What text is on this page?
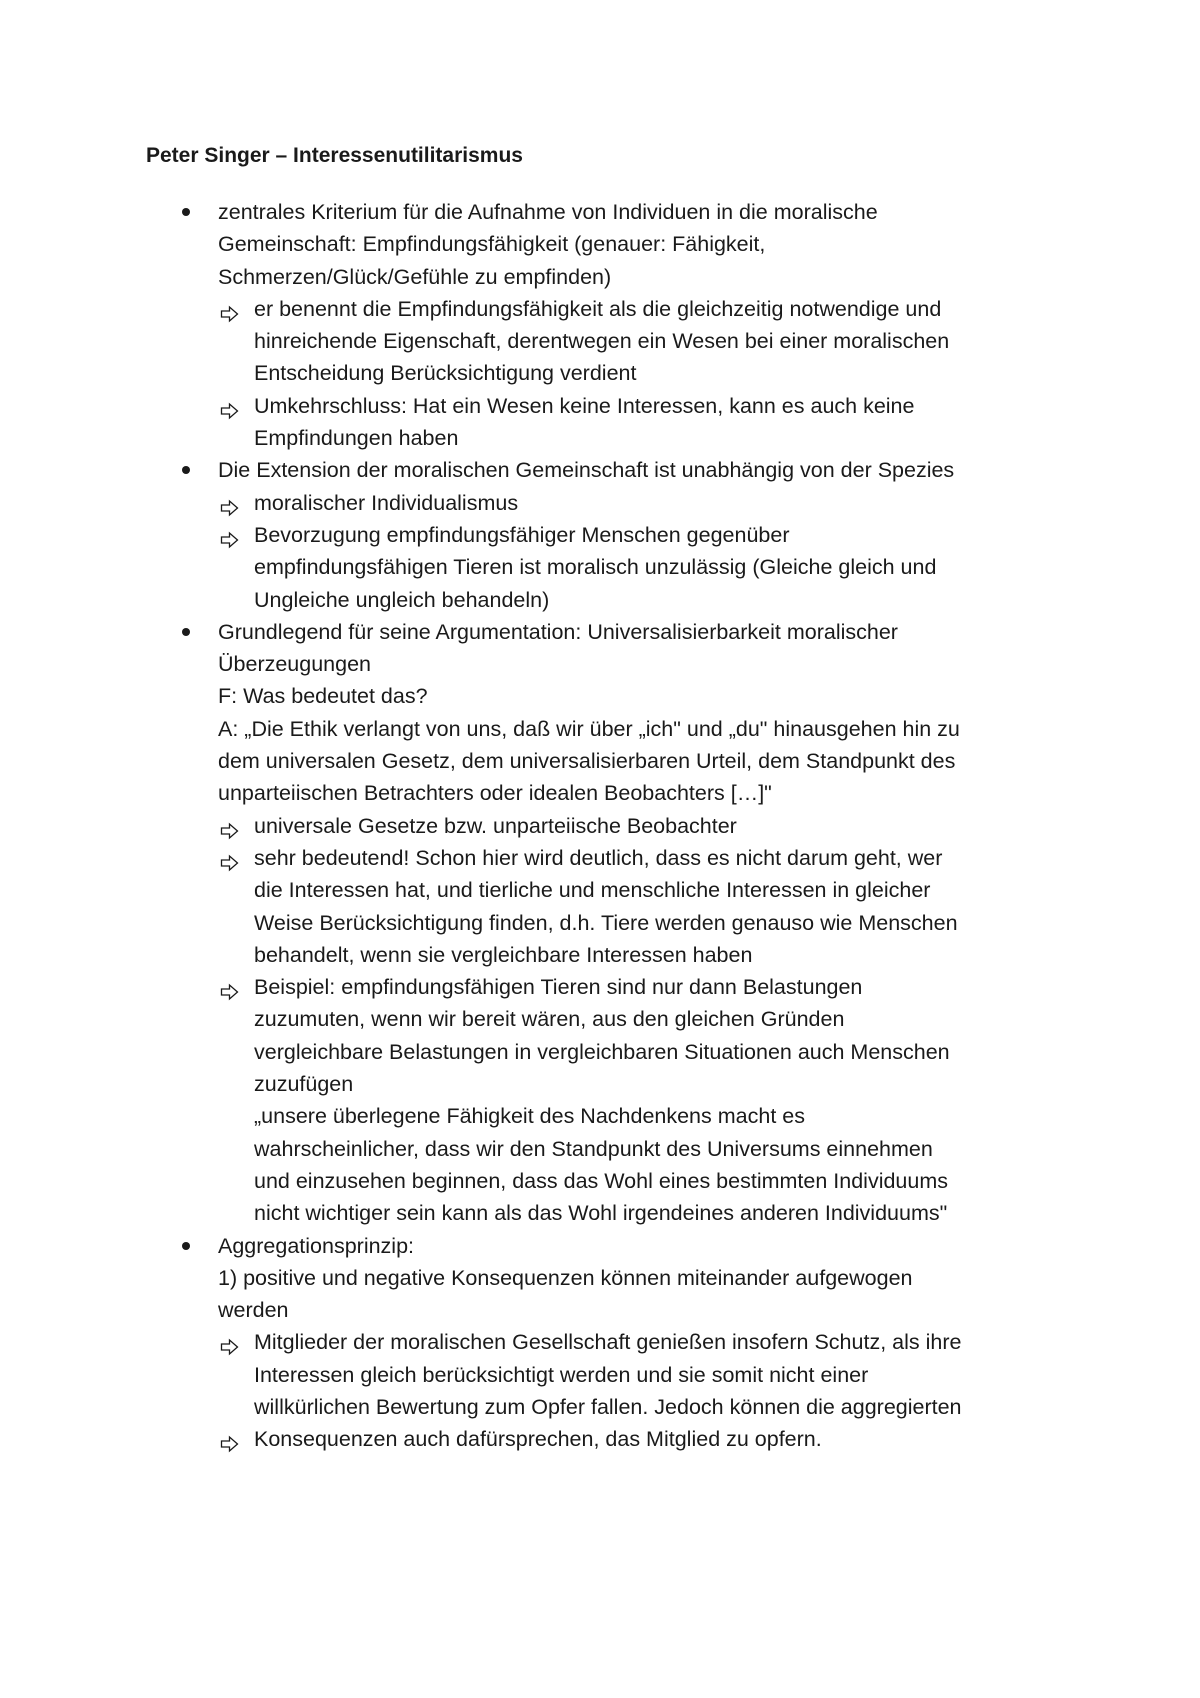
Peter Singer – Interessenutilitarismus
zentrales Kriterium für die Aufnahme von Individuen in die moralische
Gemeinschaft: Empfindungsfähigkeit (genauer: Fähigkeit,
Schmerzen/Glück/Gefühle zu empfinden)
er benennt die Empfindungsfähigkeit als die gleichzeitig notwendige und
hinreichende Eigenschaft, derentwegen ein Wesen bei einer moralischen
Entscheidung Berücksichtigung verdient
Umkehrschluss: Hat ein Wesen keine Interessen, kann es auch keine
Empfindungen haben
Die Extension der moralischen Gemeinschaft ist unabhängig von der Spezies
moralischer Individualismus
Bevorzugung empfindungsfähiger Menschen gegenüber
empfindungsfähigen Tieren ist moralisch unzulässig (Gleiche gleich und
Ungleiche ungleich behandeln)
Grundlegend für seine Argumentation: Universalisierbarkeit moralischer
Überzeugungen
F: Was bedeutet das?
A: „Die Ethik verlangt von uns, daß wir über „ich" und „du" hinausgehen hin zu
dem universalen Gesetz, dem universalisierbaren Urteil, dem Standpunkt des
unparteiischen Betrachters oder idealen Beobachters […]"
universale Gesetze bzw. unparteiische Beobachter
sehr bedeutend! Schon hier wird deutlich, dass es nicht darum geht, wer
die Interessen hat, und tierliche und menschliche Interessen in gleicher
Weise Berücksichtigung finden, d.h. Tiere werden genauso wie Menschen
behandelt, wenn sie vergleichbare Interessen haben
Beispiel: empfindungsfähigen Tieren sind nur dann Belastungen
zuzumuten, wenn wir bereit wären, aus den gleichen Gründen
vergleichbare Belastungen in vergleichbaren Situationen auch Menschen
zuzufügen
„unsere überlegene Fähigkeit des Nachdenkens macht es
wahrscheinlicher, dass wir den Standpunkt des Universums einnehmen
und einzusehen beginnen, dass das Wohl eines bestimmten Individuums
nicht wichtiger sein kann als das Wohl irgendeines anderen Individuums"
Aggregationsprinzip:
1) positive und negative Konsequenzen können miteinander aufgewogen
werden
Mitglieder der moralischen Gesellschaft genießen insofern Schutz, als ihre
Interessen gleich berücksichtigt werden und sie somit nicht einer
willkürlichen Bewertung zum Opfer fallen. Jedoch können die aggregierten
Konsequenzen auch dafürsprechen, das Mitglied zu opfern.
